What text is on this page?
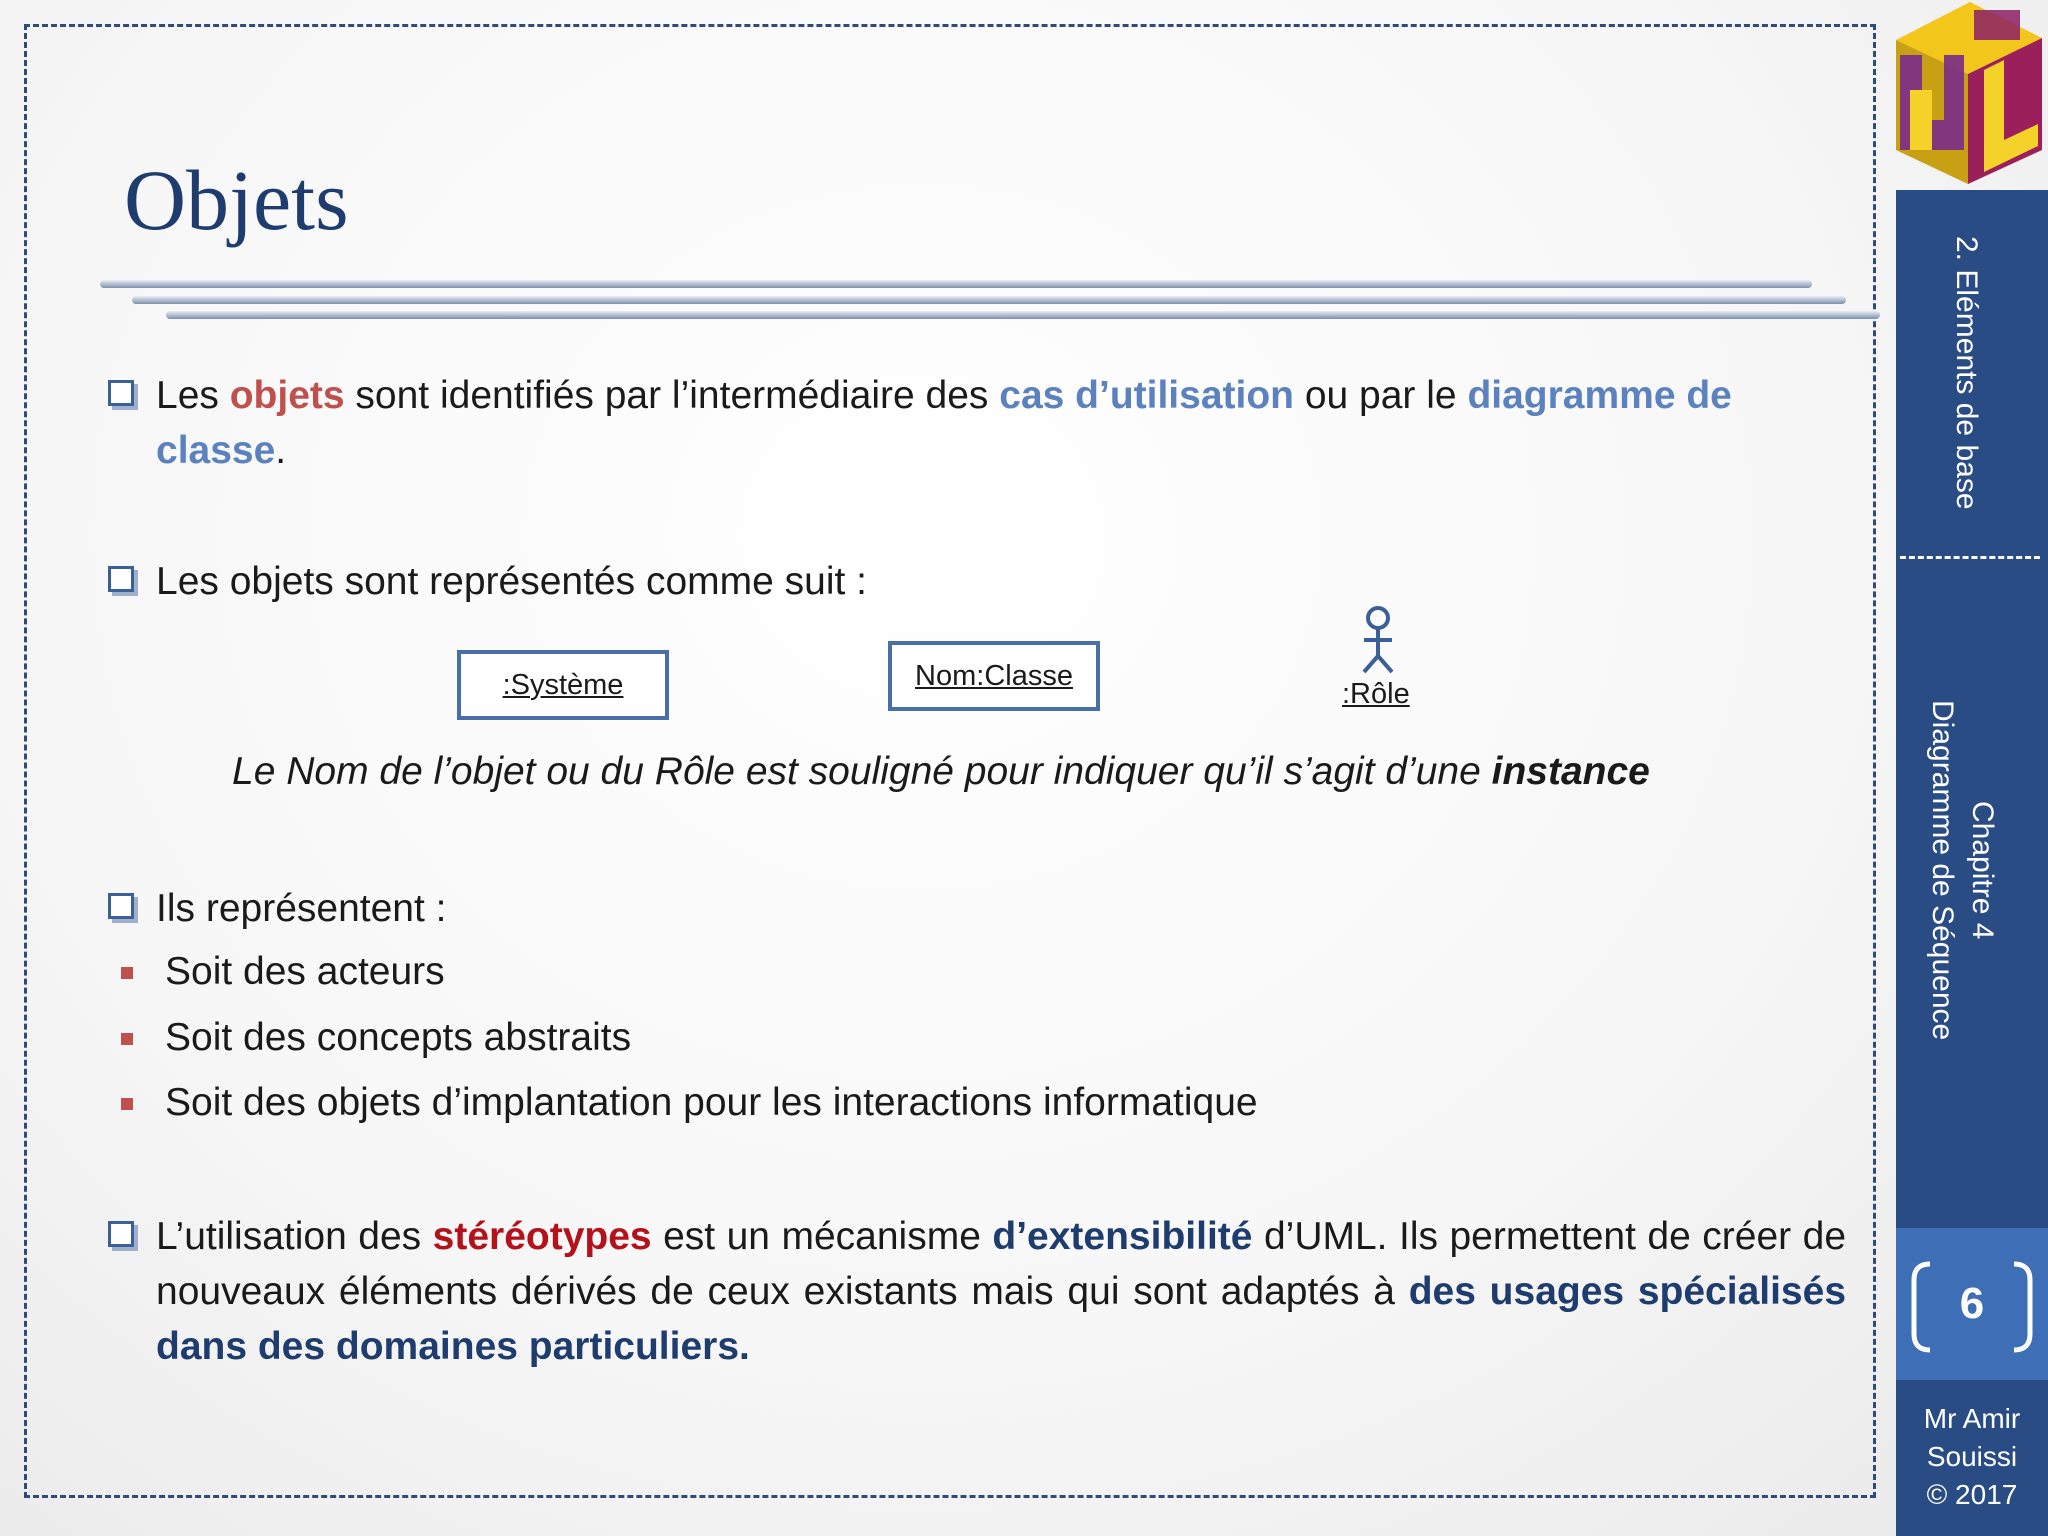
Objets
Les objets sont identifiés par l’intermédiaire des cas d’utilisation ou par le diagramme de classe.
Les objets sont représentés comme suit :
Ils représentent :
L’utilisation des stéréotypes est un mécanisme d’extensibilité d’UML. Ils permettent de créer de nouveaux éléments dérivés de ceux existants mais qui sont adaptés à des usages spécialisés dans des domaines particuliers.
:Système	Nom:Classe
:Rôle
Le Nom de l’objet ou du Rôle est souligné pour indiquer qu’il s’agit d’une instance
Soit des acteurs
Soit des concepts abstraits
Soit des objets d’implantation pour les interactions informatique
2. Eléments de base
Chapitre 4
Diagramme de Séquence
6
Mr Amir
Souissi
© 2017
